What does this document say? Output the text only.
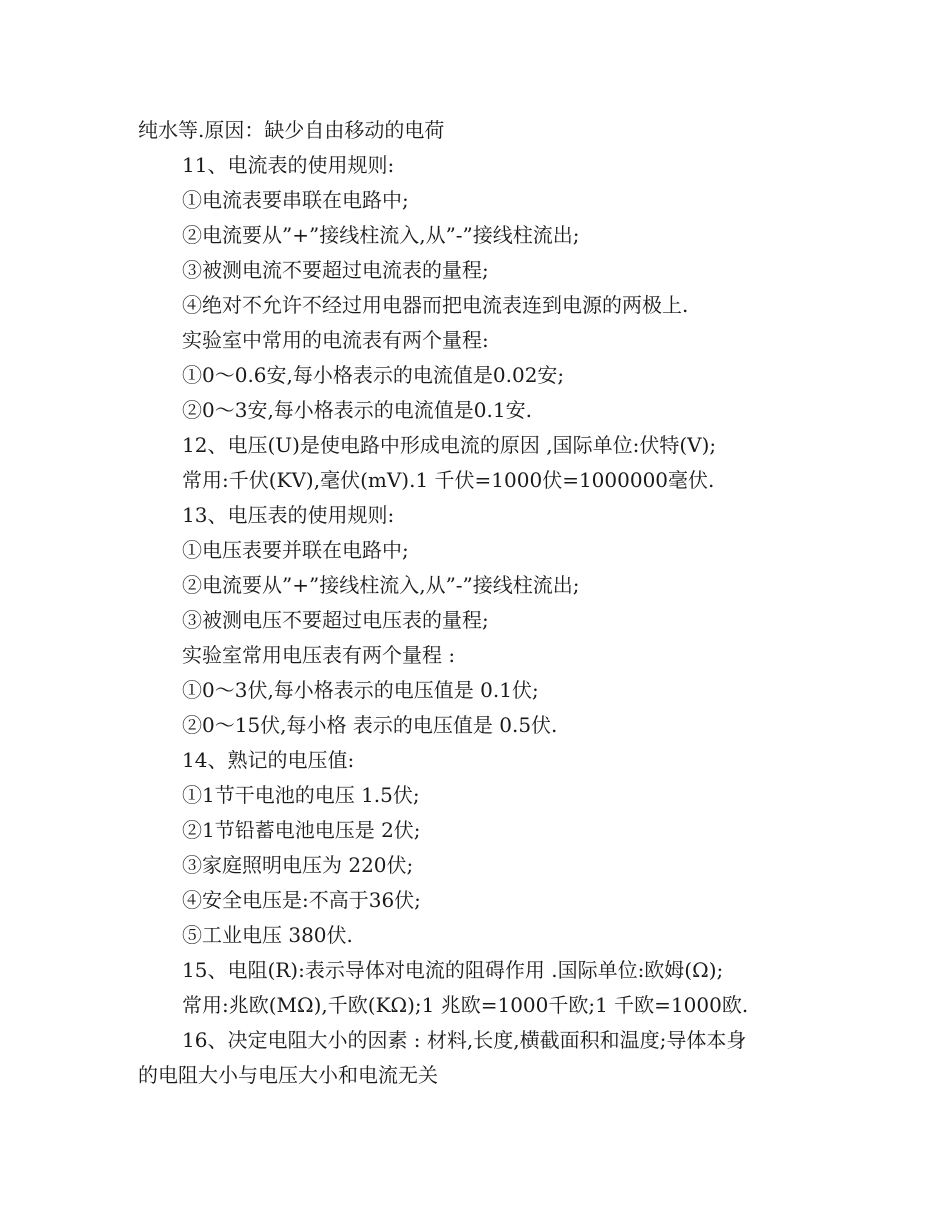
纯水等.原因：缺少自由移动的电荷
11、电流表的使用规则:
①电流表要串联在电路中;
②电流要从”+”接线柱流入,从”-”接线柱流出;
③被测电流不要超过电流表的量程;
④绝对不允许不经过用电器而把电流表连到电源的两极上.
实验室中常用的电流表有两个量程:
①0～0.6安,每小格表示的电流值是0.02安;
②0～3安,每小格表示的电流值是0.1安.
12、电压(U)是使电路中形成电流的原因 ,国际单位:伏特(V);
常用:千伏(KV),毫伏(mV).1 千伏=1000伏=1000000毫伏.
13、电压表的使用规则:
①电压表要并联在电路中;
②电流要从”+”接线柱流入,从”-”接线柱流出;
③被测电压不要超过电压表的量程;
实验室常用电压表有两个量程 :
①0～3伏,每小格表示的电压值是 0.1伏;
②0～15伏,每小格 表示的电压值是 0.5伏.
14、熟记的电压值:
①1节干电池的电压 1.5伏;
②1节铅蓄电池电压是 2伏;
③家庭照明电压为 220伏;
④安全电压是:不高于36伏;
⑤工业电压 380伏.
15、电阻(R):表示导体对电流的阻碍作用 .国际单位:欧姆(Ω);
常用:兆欧(MΩ),千欧(KΩ);1 兆欧=1000千欧;1 千欧=1000欧.
16、决定电阻大小的因素 : 材料,长度,横截面积和温度;导体本身
的电阻大小与电压大小和电流无关
